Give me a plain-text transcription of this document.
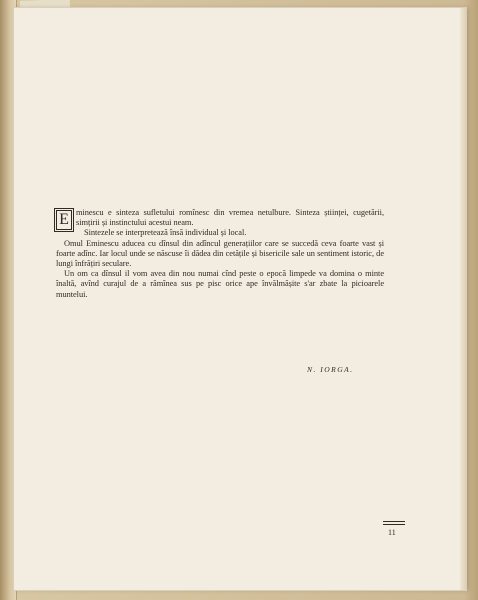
E minescu e sinteza sufletului romînesc din vremea netulbure. Sinteza științei, cugetării, simțirii și instinctului acestui neam.

Sintezele se interpretează însă individual și local.

Omul Eminescu aducea cu dînsul din adîncul generațiilor care se succedă ceva foarte vast și foarte adînc. Iar locul unde se născuse îi dădea din cetățile și bisericile sale un sentiment istoric, de lungi înfrățiri seculare.

Un om ca dînsul il vom avea din nou numai cînd peste o epocă limpede va domina o minte înaltă, avînd curajul de a rămînea sus pe pisc orice ape învălmășite s'ar zbate la picioarele muntelui.

N. IORGA.
11
